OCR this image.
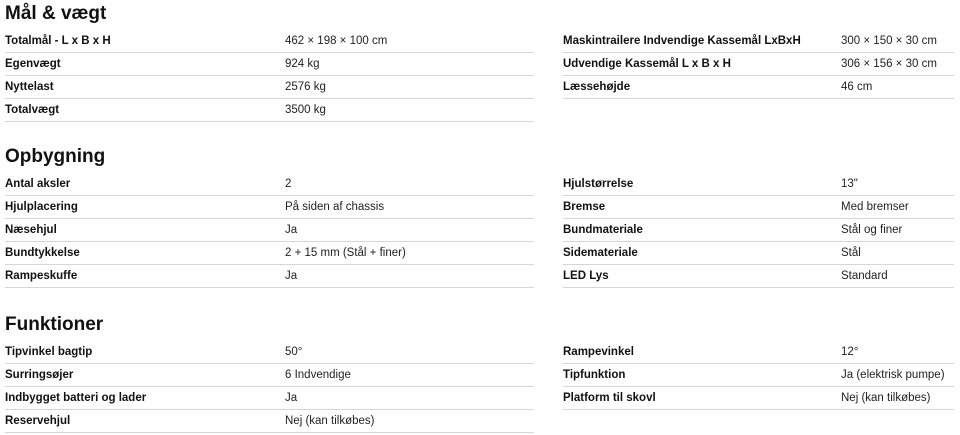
Mål & vægt
Totalmål - L x B x H	462 × 198 × 100 cm
Egenvægt	924 kg
Nyttelast	2576 kg
Totalvægt	3500 kg
Maskintrailere Indvendige Kassemål LxBxH	300 × 150 × 30 cm
Udvendige Kassemål L x B x H	306 × 156 × 30 cm
Læssehøjde	46 cm
Opbygning
Antal aksler	2
Hjulplacering	På siden af chassis
Næsehjul	Ja
Bundtykkelse	2 + 15 mm (Stål + finer)
Rampeskuffe	Ja
Hjulstørrelse	13"
Bremse	Med bremser
Bundmateriale	Stål og finer
Sidemateriale	Stål
LED Lys	Standard
Funktioner
Tipvinkel bagtip	50°
Surringsøjer	6 Indvendige
Indbygget batteri og lader	Ja
Reservehjul	Nej (kan tilkøbes)
Rampevinkel	12°
Tipfunktion	Ja (elektrisk pumpe)
Platform til skovl	Nej (kan tilkøbes)
